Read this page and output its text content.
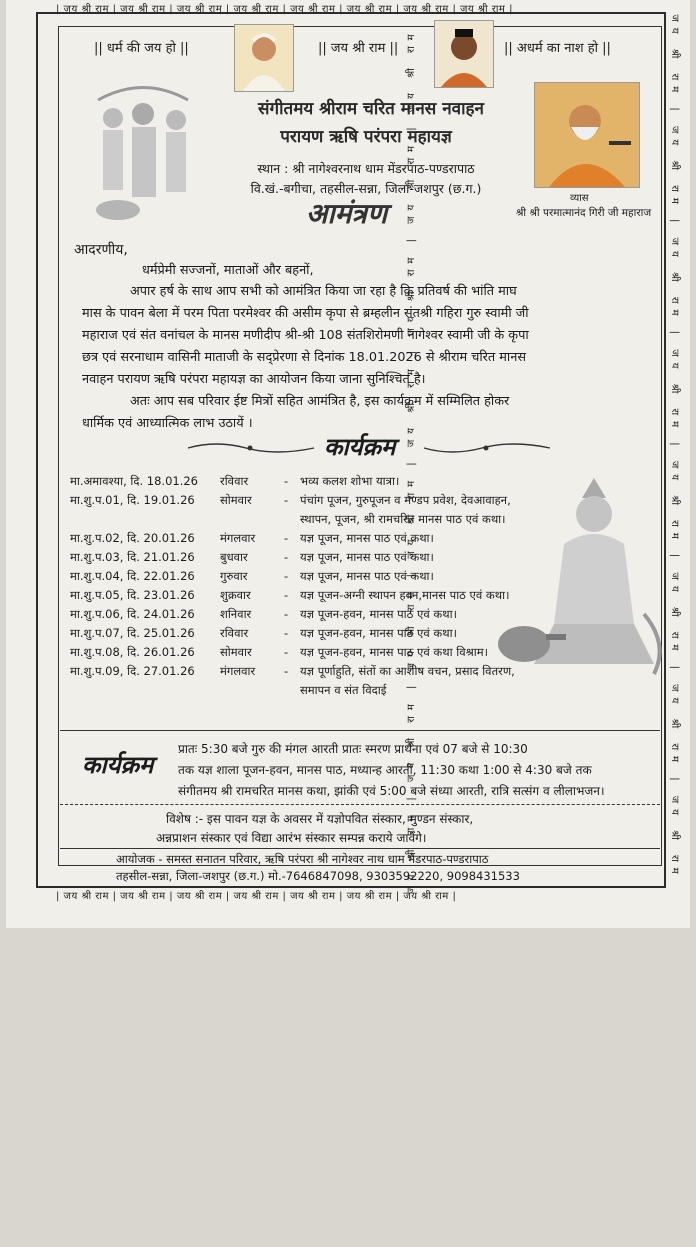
| जय श्री राम | जय श्री राम | जय श्री राम | जय श्री राम | जय श्री राम | जय श्री राम | जय श्री राम | जय श्री राम |
जय श्री राम | जय श्री राम | जय श्री राम | जय श्री राम | जय श्री राम | जय श्री राम | जय श्री राम | जय श्री राम	जय श्री राम | जय श्री राम | जय श्री राम | जय श्री राम | जय श्री राम | जय श्री राम | जय श्री राम | जय श्री राम
| जय श्री राम | जय श्री राम | जय श्री राम | जय श्री राम | जय श्री राम | जय श्री राम | जय श्री राम |
|| धर्म की जय हो ||	|| जय श्री राम ||	|| अधर्म का नाश हो ||
संगीतमय श्रीराम चरित मानस नवाहन
परायण ऋषि परंपरा महायज्ञ
स्थान : श्री नागेश्वरनाथ धाम मेंडरपाठ-पण्डरापाठ
वि.खं.-बगीचा, तहसील-सन्ना, जिला-जशपुर (छ.ग.)
व्यास
श्री श्री परमात्मानंद गिरी जी महाराज
आमंत्रण
आदरणीय,
धर्मप्रेमी सज्जनों, माताओं और बहनों,
अपार हर्ष के साथ आप सभी को आमंत्रित किया जा रहा है कि प्रतिवर्ष की भांति माघ
मास के पावन बेला में परम पिता परमेश्वर की असीम कृपा से ब्रम्हलीन संतश्री गहिरा गुरु स्वामी जी
महाराज एवं संत वनांचल के मानस मणीदीप श्री-श्री 108 संतशिरोमणी नागेश्वर स्वामी जी के कृपा
छत्र एवं सरनाधाम वासिनी माताजी के सद्प्रेरणा से दिनांक 18.01.2026 से श्रीराम चरित मानस
नवाहन परायण ऋषि परंपरा महायज्ञ का आयोजन किया जाना सुनिश्चित है।
अतः आप सब परिवार ईष्ट मित्रों सहित आमंत्रित है, इस कार्यक्रम में सम्मिलित होकर
धार्मिक एवं आध्यात्मिक लाभ उठायें ।
कार्यक्रम
मा.अमावश्या, दि. 18.01.26 रविवार	- भव्य कलश शोभा यात्रा।
मा.शु.प.01, दि. 19.01.26 सोमवार	- पंचांग पूजन, गुरुपूजन व मण्डप प्रवेश, देवआवाहन,
स्थापन, पूजन, श्री रामचरित मानस पाठ एवं कथा।
मा.शु.प.02, दि. 20.01.26 मंगलवार	- यज्ञ पूजन, मानस पाठ एवं कथा।
मा.शु.प.03, दि. 21.01.26 बुधवार	- यज्ञ पूजन, मानस पाठ एवं कथा।
मा.शु.प.04, दि. 22.01.26 गुरुवार	- यज्ञ पूजन, मानस पाठ एवं कथा।
मा.शु.प.05, दि. 23.01.26 शुक्रवार	- यज्ञ पूजन-अग्नी स्थापन हवन,मानस पाठ एवं कथा।
मा.शु.प.06, दि. 24.01.26 शनिवार	- यज्ञ पूजन-हवन, मानस पाठ एवं कथा।
मा.शु.प.07, दि. 25.01.26 रविवार	- यज्ञ पूजन-हवन, मानस पाठ एवं कथा।
मा.शु.प.08, दि. 26.01.26 सोमवार	- यज्ञ पूजन-हवन, मानस पाठ एवं कथा विश्राम।
मा.शु.प.09, दि. 27.01.26 मंगलवार	- यज्ञ पूर्णाहुति, संतों का आशीष वचन, प्रसाद वितरण,
समापन व संत विदाई
कार्यक्रम
प्रातः 5:30 बजे गुरु की मंगल आरती प्रातः स्मरण प्रार्थना एवं 07 बजे से 10:30
तक यज्ञ शाला पूजन-हवन, मानस पाठ, मध्यान्ह आरती, 11:30 कथा 1:00 से 4:30 बजे तक
संगीतमय श्री रामचरित मानस कथा, झांकी एवं 5:00 बजे संध्या आरती, रात्रि सत्संग व लीलाभजन।
विशेष :- इस पावन यज्ञ के अवसर में यज्ञोपवित संस्कार, मुण्डन संस्कार,
अन्नप्राशन संस्कार एवं विद्या आरंभ संस्कार सम्पन्न कराये जावेंगे।
आयोजक - समस्त सनातन परिवार, ऋषि परंपरा श्री नागेश्वर नाथ धाम मेंडरपाठ-पण्डरापाठ
तहसील-सन्ना, जिला-जशपुर (छ.ग.) मो.-7646847098, 9303592220, 9098431533
